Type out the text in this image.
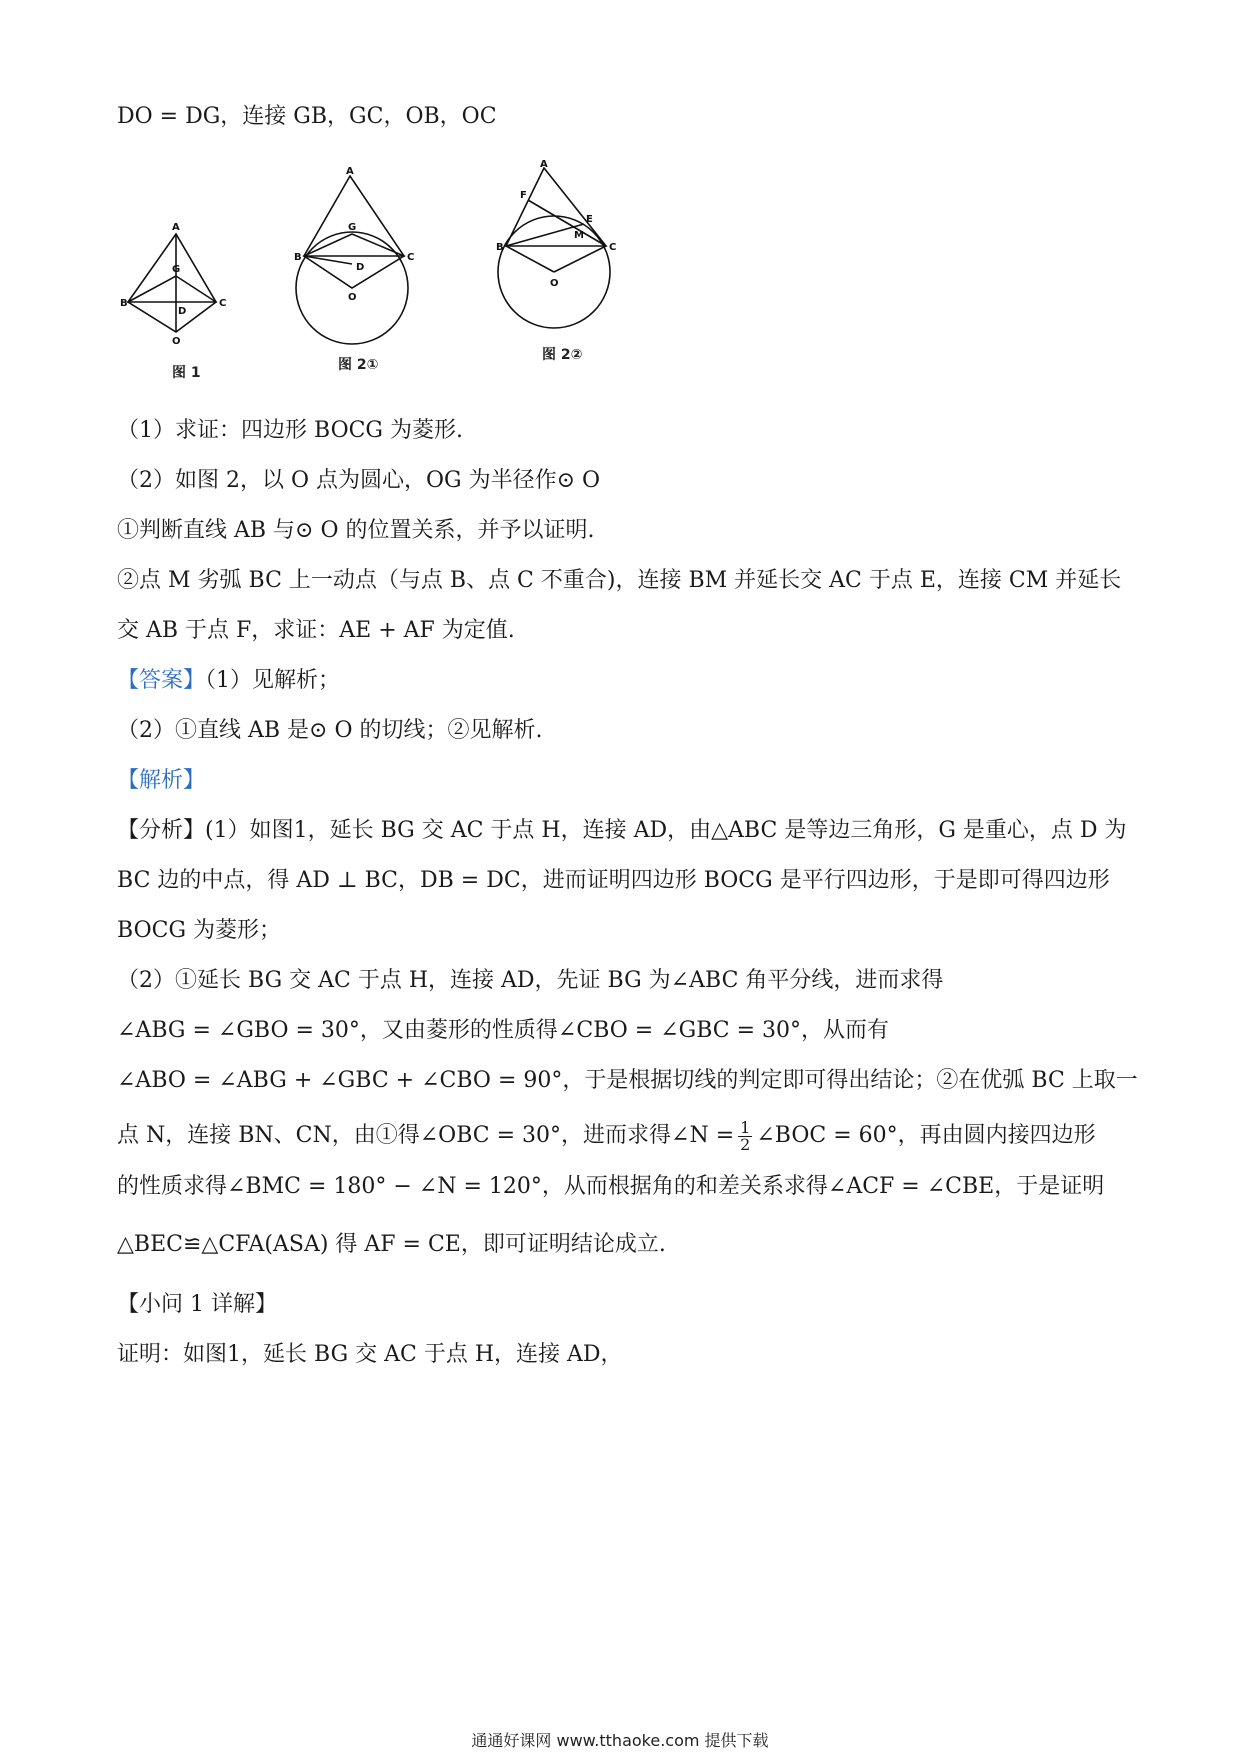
DO = DG，连接 GB，GC，OB，OC
A
B	C
G
D
O
图 1
A
B	C
G
D
O
图 2①
A
F
E
M
B	C
O
图 2②
（1）求证：四边形 BOCG 为菱形.
（2）如图 2，以 O 点为圆心，OG 为半径作⊙ O
①判断直线 AB 与⊙ O 的位置关系，并予以证明.
②点 M 劣弧 BC 上一动点（与点 B、点 C 不重合)，连接 BM 并延长交 AC 于点 E，连接 CM 并延长
交 AB 于点 F，求证：AE + AF 为定值.
【答案】（1）见解析；
（2）①直线 AB 是⊙ O 的切线；②见解析.
【解析】
【分析】(1）如图1，延长 BG 交 AC 于点 H，连接 AD，由△ABC 是等边三角形，G 是重心，点 D 为
BC 边的中点，得 AD ⊥ BC，DB = DC，进而证明四边形 BOCG 是平行四边形，于是即可得四边形
BOCG 为菱形；
（2）①延长 BG 交 AC 于点 H，连接 AD，先证 BG 为∠ABC 角平分线，进而求得
∠ABG = ∠GBO = 30°，又由菱形的性质得∠CBO = ∠GBC = 30°，从而有
∠ABO = ∠ABG + ∠GBC + ∠CBO = 90°，于是根据切线的判定即可得出结论；②在优弧 BC 上取一
点 N，连接 BN、CN，由①得∠OBC = 30°，进而求得∠N = $\frac{1}{2}$ ∠BOC = 60°，再由圆内接四边形
的性质求得∠BMC = 180° − ∠N = 120°，从而根据角的和差关系求得∠ACF = ∠CBE，于是证明
△BEC≌△CFA(ASA) 得 AF = CE，即可证明结论成立.
【小问 1 详解】
证明：如图1，延长 BG 交 AC 于点 H，连接 AD，
通通好课网 www.tthaoke.com 提供下载
